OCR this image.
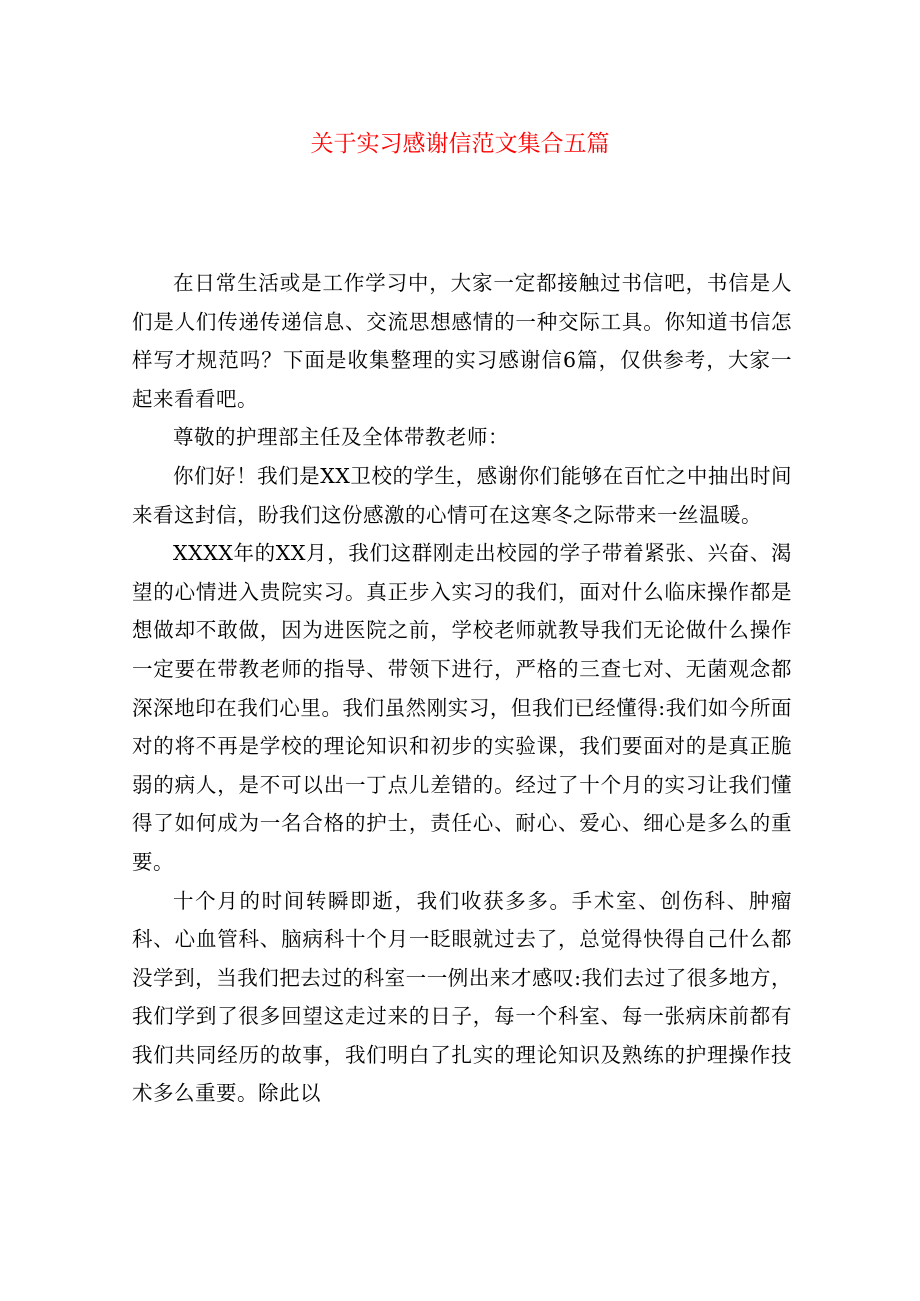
关于实习感谢信范文集合五篇

在日常生活或是工作学习中，大家一定都接触过书信吧，书信是人们是人们传递传递信息、交流思想感情的一种交际工具。你知道书信怎样写才规范吗？下面是收集整理的实习感谢信6篇，仅供参考，大家一起来看看吧。

尊敬的护理部主任及全体带教老师：

你们好！我们是XX卫校的学生，感谢你们能够在百忙之中抽出时间来看这封信，盼我们这份感激的心情可在这寒冬之际带来一丝温暖。

XXXX年的XX月，我们这群刚走出校园的学子带着紧张、兴奋、渴望的心情进入贵院实习。真正步入实习的我们，面对什么临床操作都是想做却不敢做，因为进医院之前，学校老师就教导我们无论做什么操作一定要在带教老师的指导、带领下进行，严格的三查七对、无菌观念都深深地印在我们心里。我们虽然刚实习，但我们已经懂得:我们如今所面对的将不再是学校的理论知识和初步的实验课，我们要面对的是真正脆弱的病人，是不可以出一丁点儿差错的。经过了十个月的实习让我们懂得了如何成为一名合格的护士，责任心、耐心、爱心、细心是多么的重要。

十个月的时间转瞬即逝，我们收获多多。手术室、创伤科、肿瘤科、心血管科、脑病科十个月一眨眼就过去了，总觉得快得自己什么都没学到，当我们把去过的科室一一例出来才感叹:我们去过了很多地方，我们学到了很多回望这走过来的日子，每一个科室、每一张病床前都有我们共同经历的故事，我们明白了扎实的理论知识及熟练的护理操作技术多么重要。除此以
